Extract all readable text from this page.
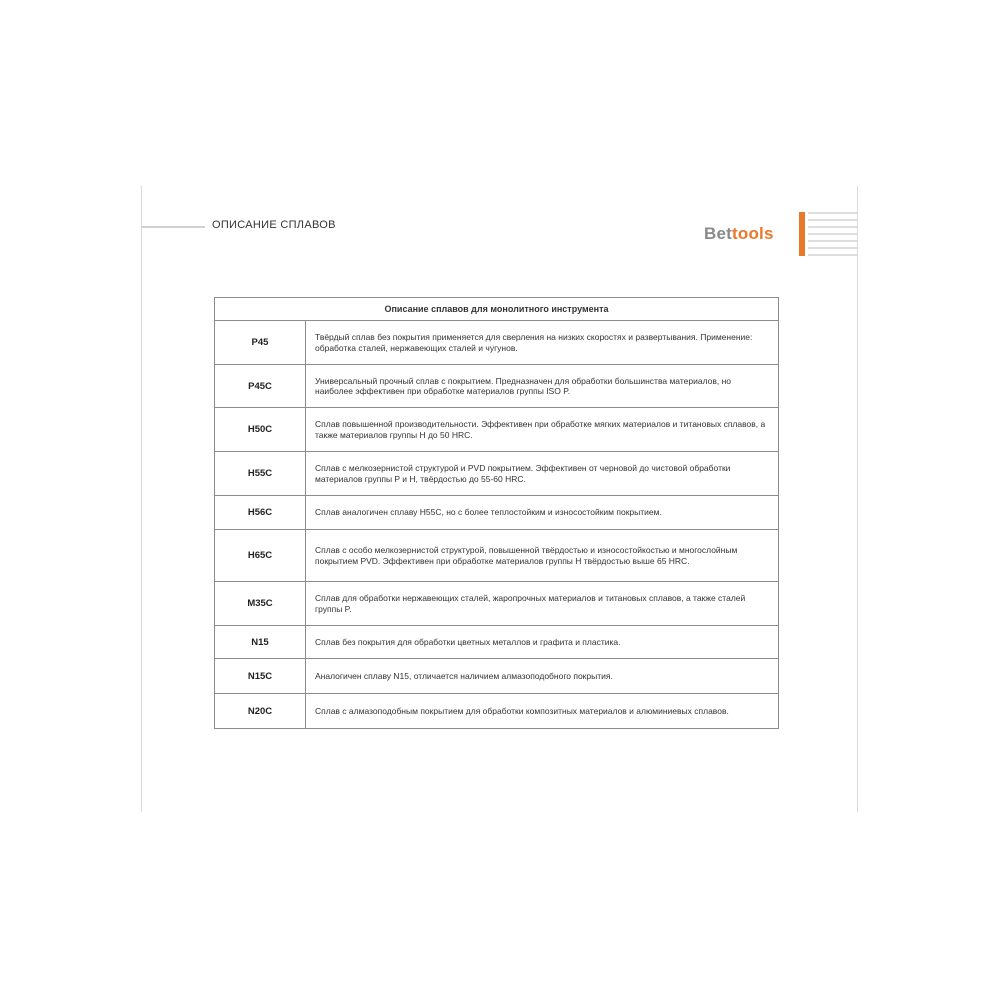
ОПИСАНИЕ СПЛАВОВ	Bettools
Описание сплавов для монолитного инструмента	
P45	Твёрдый сплав без покрытия применяется для сверления на низких скоростях и развертывания. Применение: обработка сталей, нержавеющих сталей и чугунов.
P45C	Универсальный прочный сплав с покрытием. Предназначен для обработки большинства материалов, но наиболее эффективен при обработке материалов группы ISO P.
H50C	Сплав повышенной производительности. Эффективен при обработке мягких материалов и титановых сплавов, а также материалов группы H до 50 HRC.
H55C	Сплав с мелкозернистой структурой и PVD покрытием. Эффективен от черновой до чистовой обработки материалов группы P и H, твёрдостью до 55-60 HRC.
H56C	Сплав аналогичен сплаву H55C, но с более теплостойким и износостойким покрытием.
H65C	Сплав с особо мелкозернистой структурой, повышенной твёрдостью и износостойкостью и многослойным покрытием PVD. Эффективен при обработке материалов группы H твёрдостью выше 65 HRC.
M35C	Сплав для обработки нержавеющих сталей, жаропрочных материалов и титановых сплавов, а также сталей группы P.
N15	Сплав без покрытия для обработки цветных металлов и графита и пластика.
N15C	Аналогичен сплаву N15, отличается наличием алмазоподобного покрытия.
N20C	Сплав с алмазоподобным покрытием для обработки композитных материалов и алюминиевых сплавов.
